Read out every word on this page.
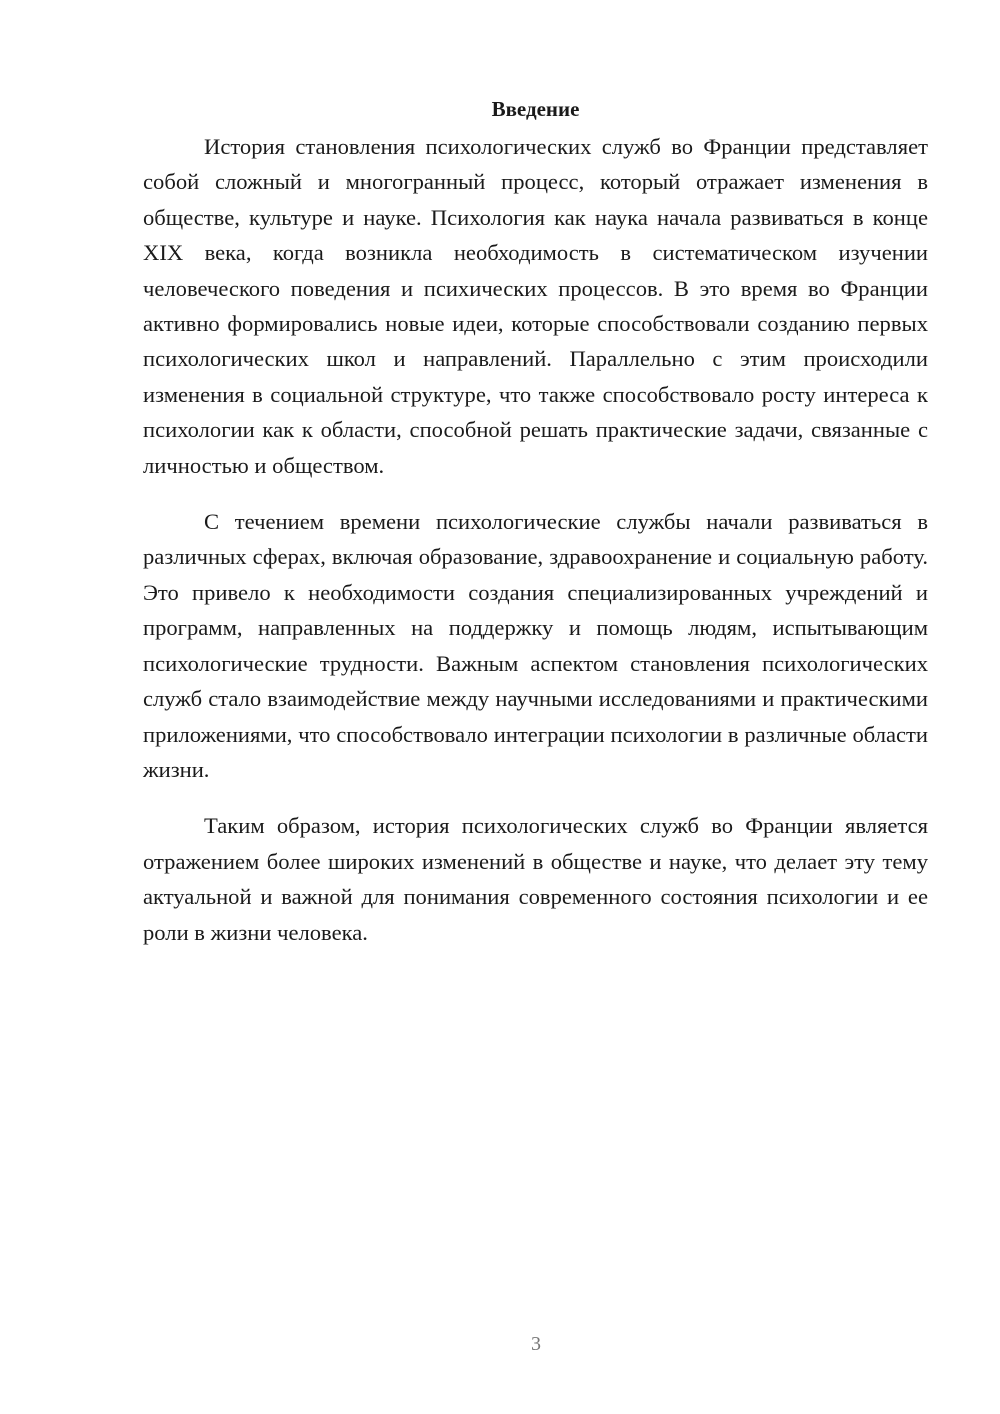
Введение

История становления психологических служб во Франции представляет собой сложный и многогранный процесс, который отражает изменения в обществе, культуре и науке. Психология как наука начала развиваться в конце XIX века, когда возникла необходимость в систематическом изучении человеческого поведения и психических процессов. В это время во Франции активно формировались новые идеи, которые способствовали созданию первых психологических школ и направлений. Параллельно с этим происходили изменения в социальной структуре, что также способствовало росту интереса к психологии как к области, способной решать практические задачи, связанные с личностью и обществом.

С течением времени психологические службы начали развиваться в различных сферах, включая образование, здравоохранение и социальную работу. Это привело к необходимости создания специализированных учреждений и программ, направленных на поддержку и помощь людям, испытывающим психологические трудности. Важным аспектом становления психологических служб стало взаимодействие между научными исследованиями и практическими приложениями, что способствовало интеграции психологии в различные области жизни.

Таким образом, история психологических служб во Франции является отражением более широких изменений в обществе и науке, что делает эту тему актуальной и важной для понимания современного состояния психологии и ее роли в жизни человека.

3
